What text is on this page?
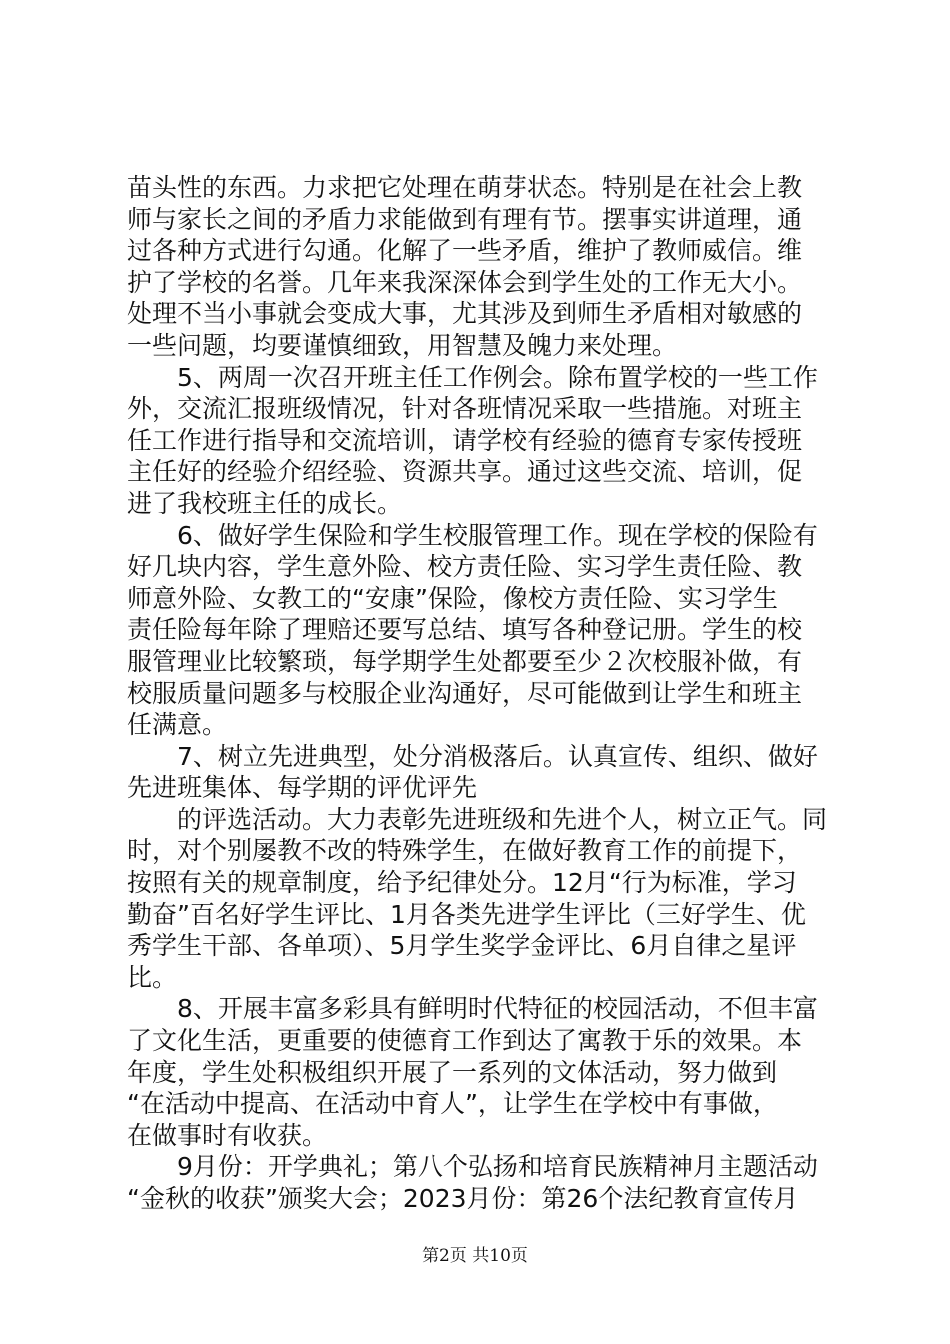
苗头性的东西。力求把它处理在萌芽状态。特别是在社会上教
师与家长之间的矛盾力求能做到有理有节。摆事实讲道理，通
过各种方式进行勾通。化解了一些矛盾，维护了教师威信。维
护了学校的名誉。几年来我深深体会到学生处的工作无大小。
处理不当小事就会变成大事，尤其涉及到师生矛盾相对敏感的
一些问题，均要谨慎细致，用智慧及魄力来处理。
5、两周一次召开班主任工作例会。除布置学校的一些工作
外，交流汇报班级情况，针对各班情况采取一些措施。对班主
任工作进行指导和交流培训，请学校有经验的德育专家传授班
主任好的经验介绍经验、资源共享。通过这些交流、培训，促
进了我校班主任的成长。
6、做好学生保险和学生校服管理工作。现在学校的保险有
好几块内容，学生意外险、校方责任险、实习学生责任险、教
师意外险、女教工的“安康”保险，像校方责任险、实习学生
责任险每年除了理赔还要写总结、填写各种登记册。学生的校
服管理业比较繁琐，每学期学生处都要至少２次校服补做，有
校服质量问题多与校服企业沟通好，尽可能做到让学生和班主
任满意。
7、树立先进典型，处分消极落后。认真宣传、组织、做好
先进班集体、每学期的评优评先
的评选活动。大力表彰先进班级和先进个人，树立正气。同
时，对个别屡教不改的特殊学生，在做好教育工作的前提下，
按照有关的规章制度，给予纪律处分。12月“行为标准，学习
勤奋”百名好学生评比、1月各类先进学生评比（三好学生、优
秀学生干部、各单项）、5月学生奖学金评比、6月自律之星评
比。
8、开展丰富多彩具有鲜明时代特征的校园活动，不但丰富
了文化生活，更重要的使德育工作到达了寓教于乐的效果。本
年度，学生处积极组织开展了一系列的文体活动，努力做到
“在活动中提高、在活动中育人”，让学生在学校中有事做，
在做事时有收获。
9月份：开学典礼；第八个弘扬和培育民族精神月主题活动
“金秋的收获”颁奖大会；2023月份：第26个法纪教育宣传月
第2页 共10页
